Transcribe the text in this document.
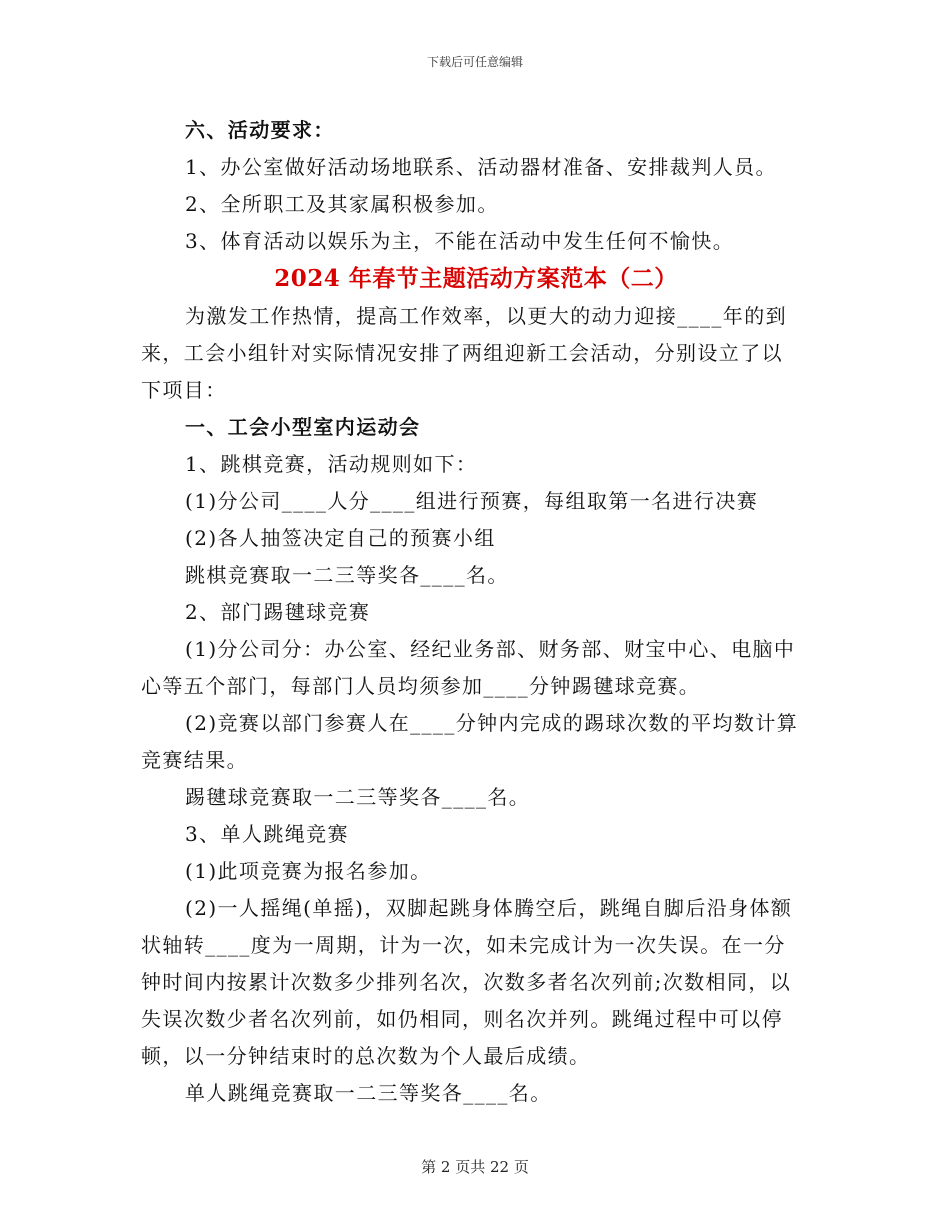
下载后可任意编辑
六、活动要求：
1、办公室做好活动场地联系、活动器材准备、安排裁判人员。
2、全所职工及其家属积极参加。
3、体育活动以娱乐为主，不能在活动中发生任何不愉快。
2024 年春节主题活动方案范本（二）
为激发工作热情，提高工作效率，以更大的动力迎接____年的到
来，工会小组针对实际情况安排了两组迎新工会活动，分别设立了以
下项目：
一、工会小型室内运动会
1、跳棋竞赛，活动规则如下：
(1)分公司____人分____组进行预赛，每组取第一名进行决赛
(2)各人抽签决定自己的预赛小组
跳棋竞赛取一二三等奖各____名。
2、部门踢毽球竞赛
(1)分公司分：办公室、经纪业务部、财务部、财宝中心、电脑中
心等五个部门，每部门人员均须参加____分钟踢毽球竞赛。
(2)竞赛以部门参赛人在____分钟内完成的踢球次数的平均数计算
竞赛结果。
踢毽球竞赛取一二三等奖各____名。
3、单人跳绳竞赛
(1)此项竞赛为报名参加。
(2)一人摇绳(单摇)，双脚起跳身体腾空后，跳绳自脚后沿身体额
状轴转____度为一周期，计为一次，如未完成计为一次失误。在一分
钟时间内按累计次数多少排列名次，次数多者名次列前;次数相同，以
失误次数少者名次列前，如仍相同，则名次并列。跳绳过程中可以停
顿，以一分钟结束时的总次数为个人最后成绩。
单人跳绳竞赛取一二三等奖各____名。
第 2 页共 22 页
